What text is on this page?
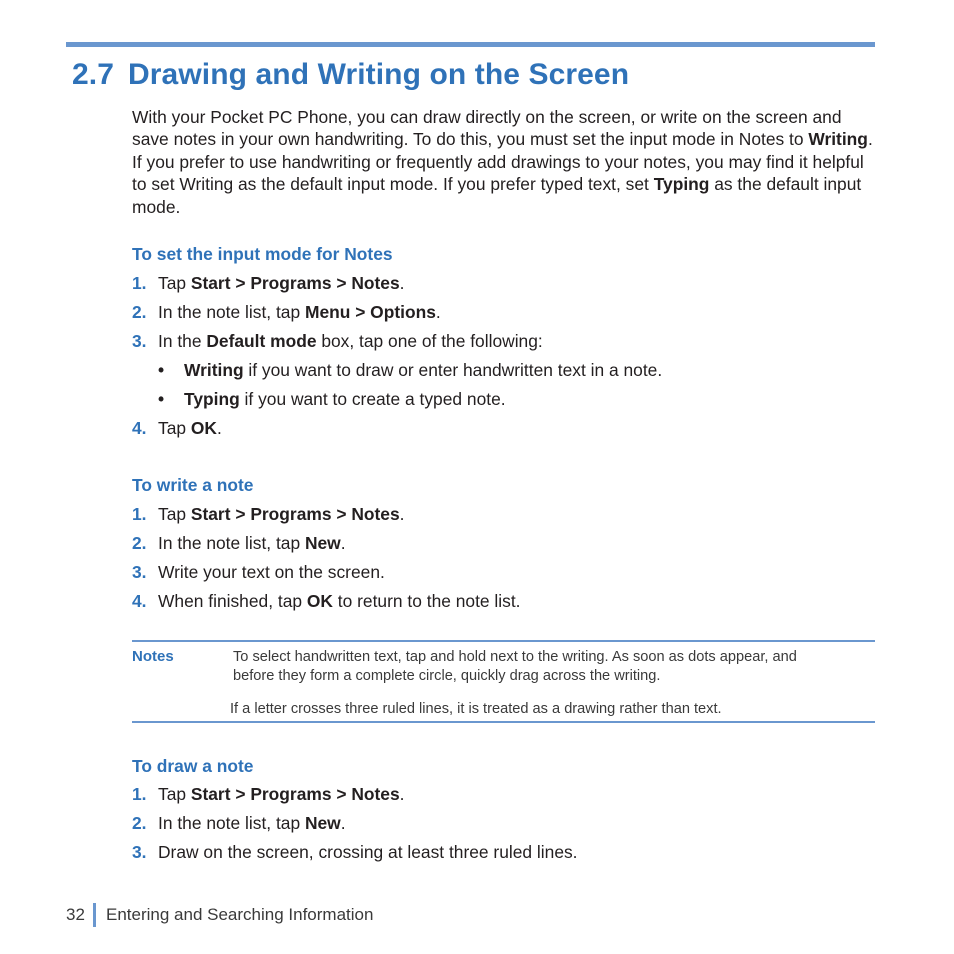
2.7 Drawing and Writing on the Screen

With your Pocket PC Phone, you can draw directly on the screen, or write on the screen and save notes in your own handwriting. To do this, you must set the input mode in Notes to Writing. If you prefer to use handwriting or frequently add drawings to your notes, you may find it helpful to set Writing as the default input mode. If you prefer typed text, set Typing as the default input mode.

To set the input mode for Notes
1. Tap Start > Programs > Notes.
2. In the note list, tap Menu > Options.
3. In the Default mode box, tap one of the following:
• Writing if you want to draw or enter handwritten text in a note.
• Typing if you want to create a typed note.
4. Tap OK.
To write a note
1. Tap Start > Programs > Notes.
2. In the note list, tap New.
3. Write your text on the screen.
4. When finished, tap OK to return to the note list.
Notes	To select handwritten text, tap and hold next to the writing. As soon as dots appear, and
before they form a complete circle, quickly drag across the writing.
If a letter crosses three ruled lines, it is treated as a drawing rather than text.
To draw a note
1. Tap Start > Programs > Notes.
2. In the note list, tap New.
3. Draw on the screen, crossing at least three ruled lines.
32 Entering and Searching Information
